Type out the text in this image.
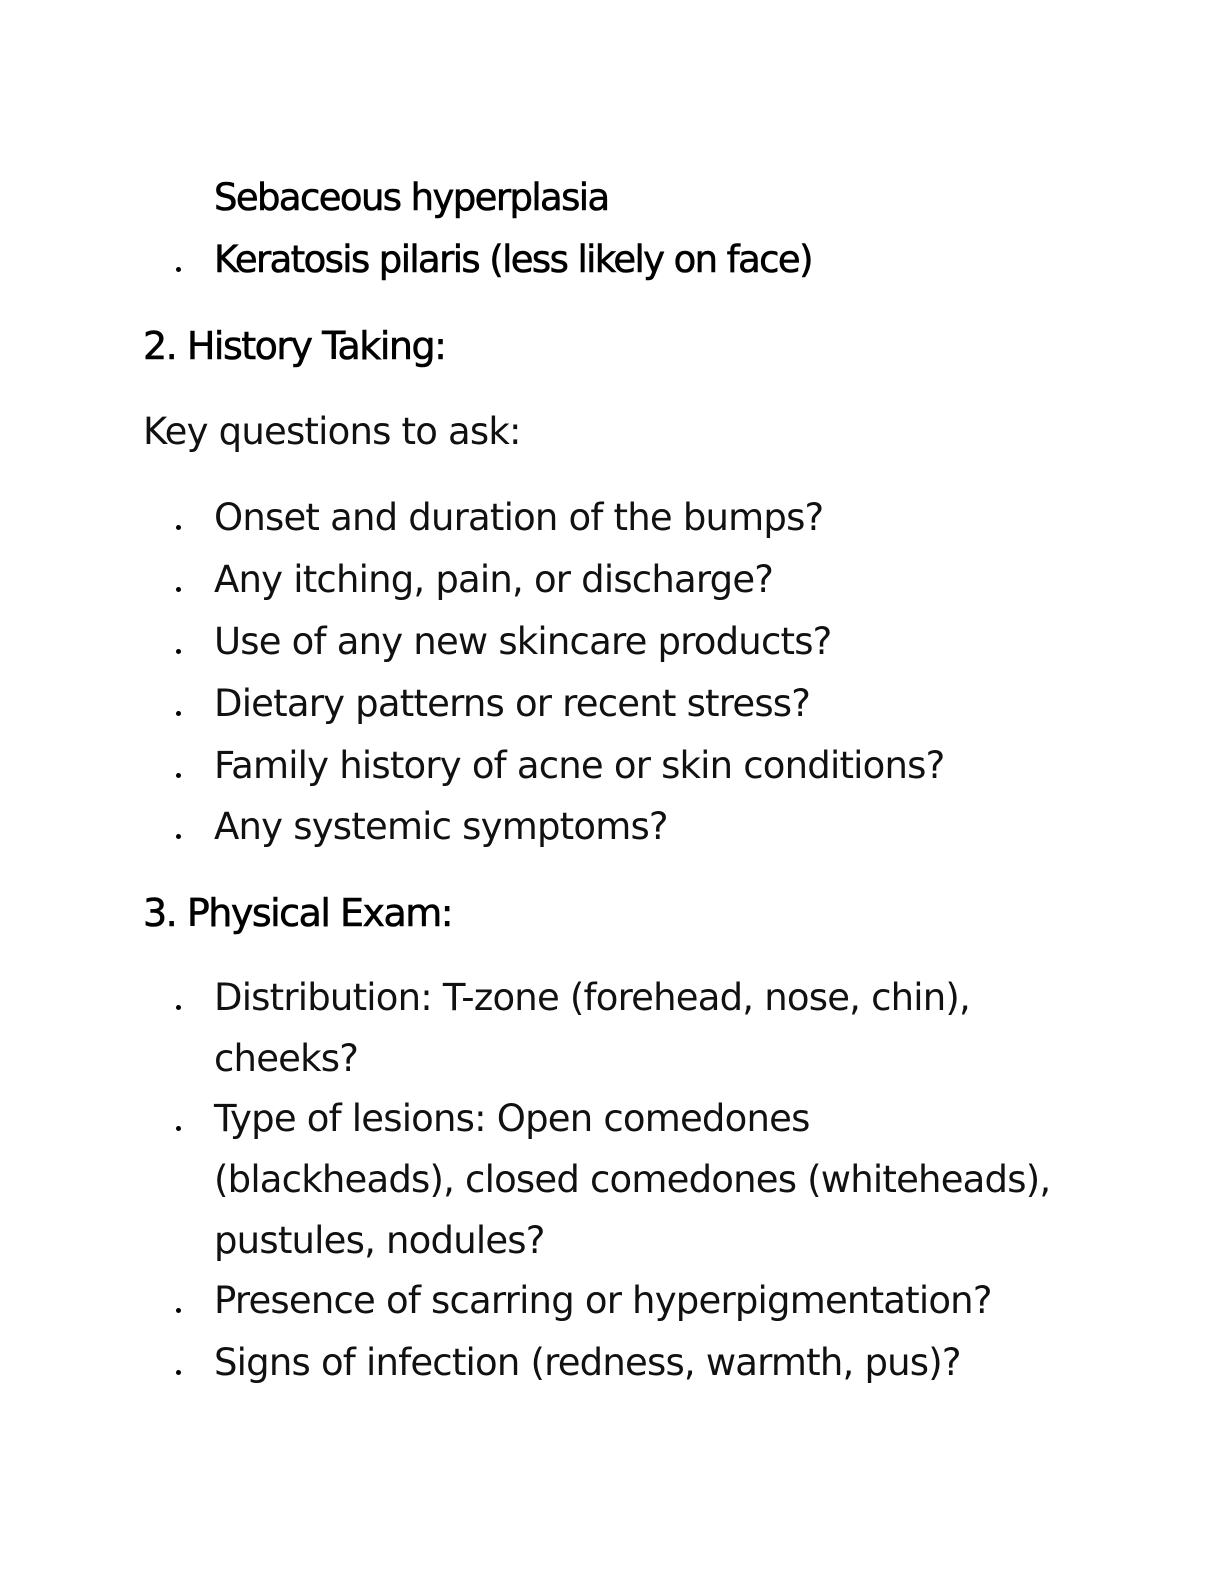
Sebaceous hyperplasia
Keratosis pilaris (less likely on face)
2. History Taking:
Key questions to ask:
Onset and duration of the bumps?
Any itching, pain, or discharge?
Use of any new skincare products?
Dietary patterns or recent stress?
Family history of acne or skin conditions?
Any systemic symptoms?
3. Physical Exam:
Distribution: T-zone (forehead, nose, chin),
cheeks?
Type of lesions: Open comedones
(blackheads), closed comedones (whiteheads),
pustules, nodules?
Presence of scarring or hyperpigmentation?
Signs of infection (redness, warmth, pus)?
